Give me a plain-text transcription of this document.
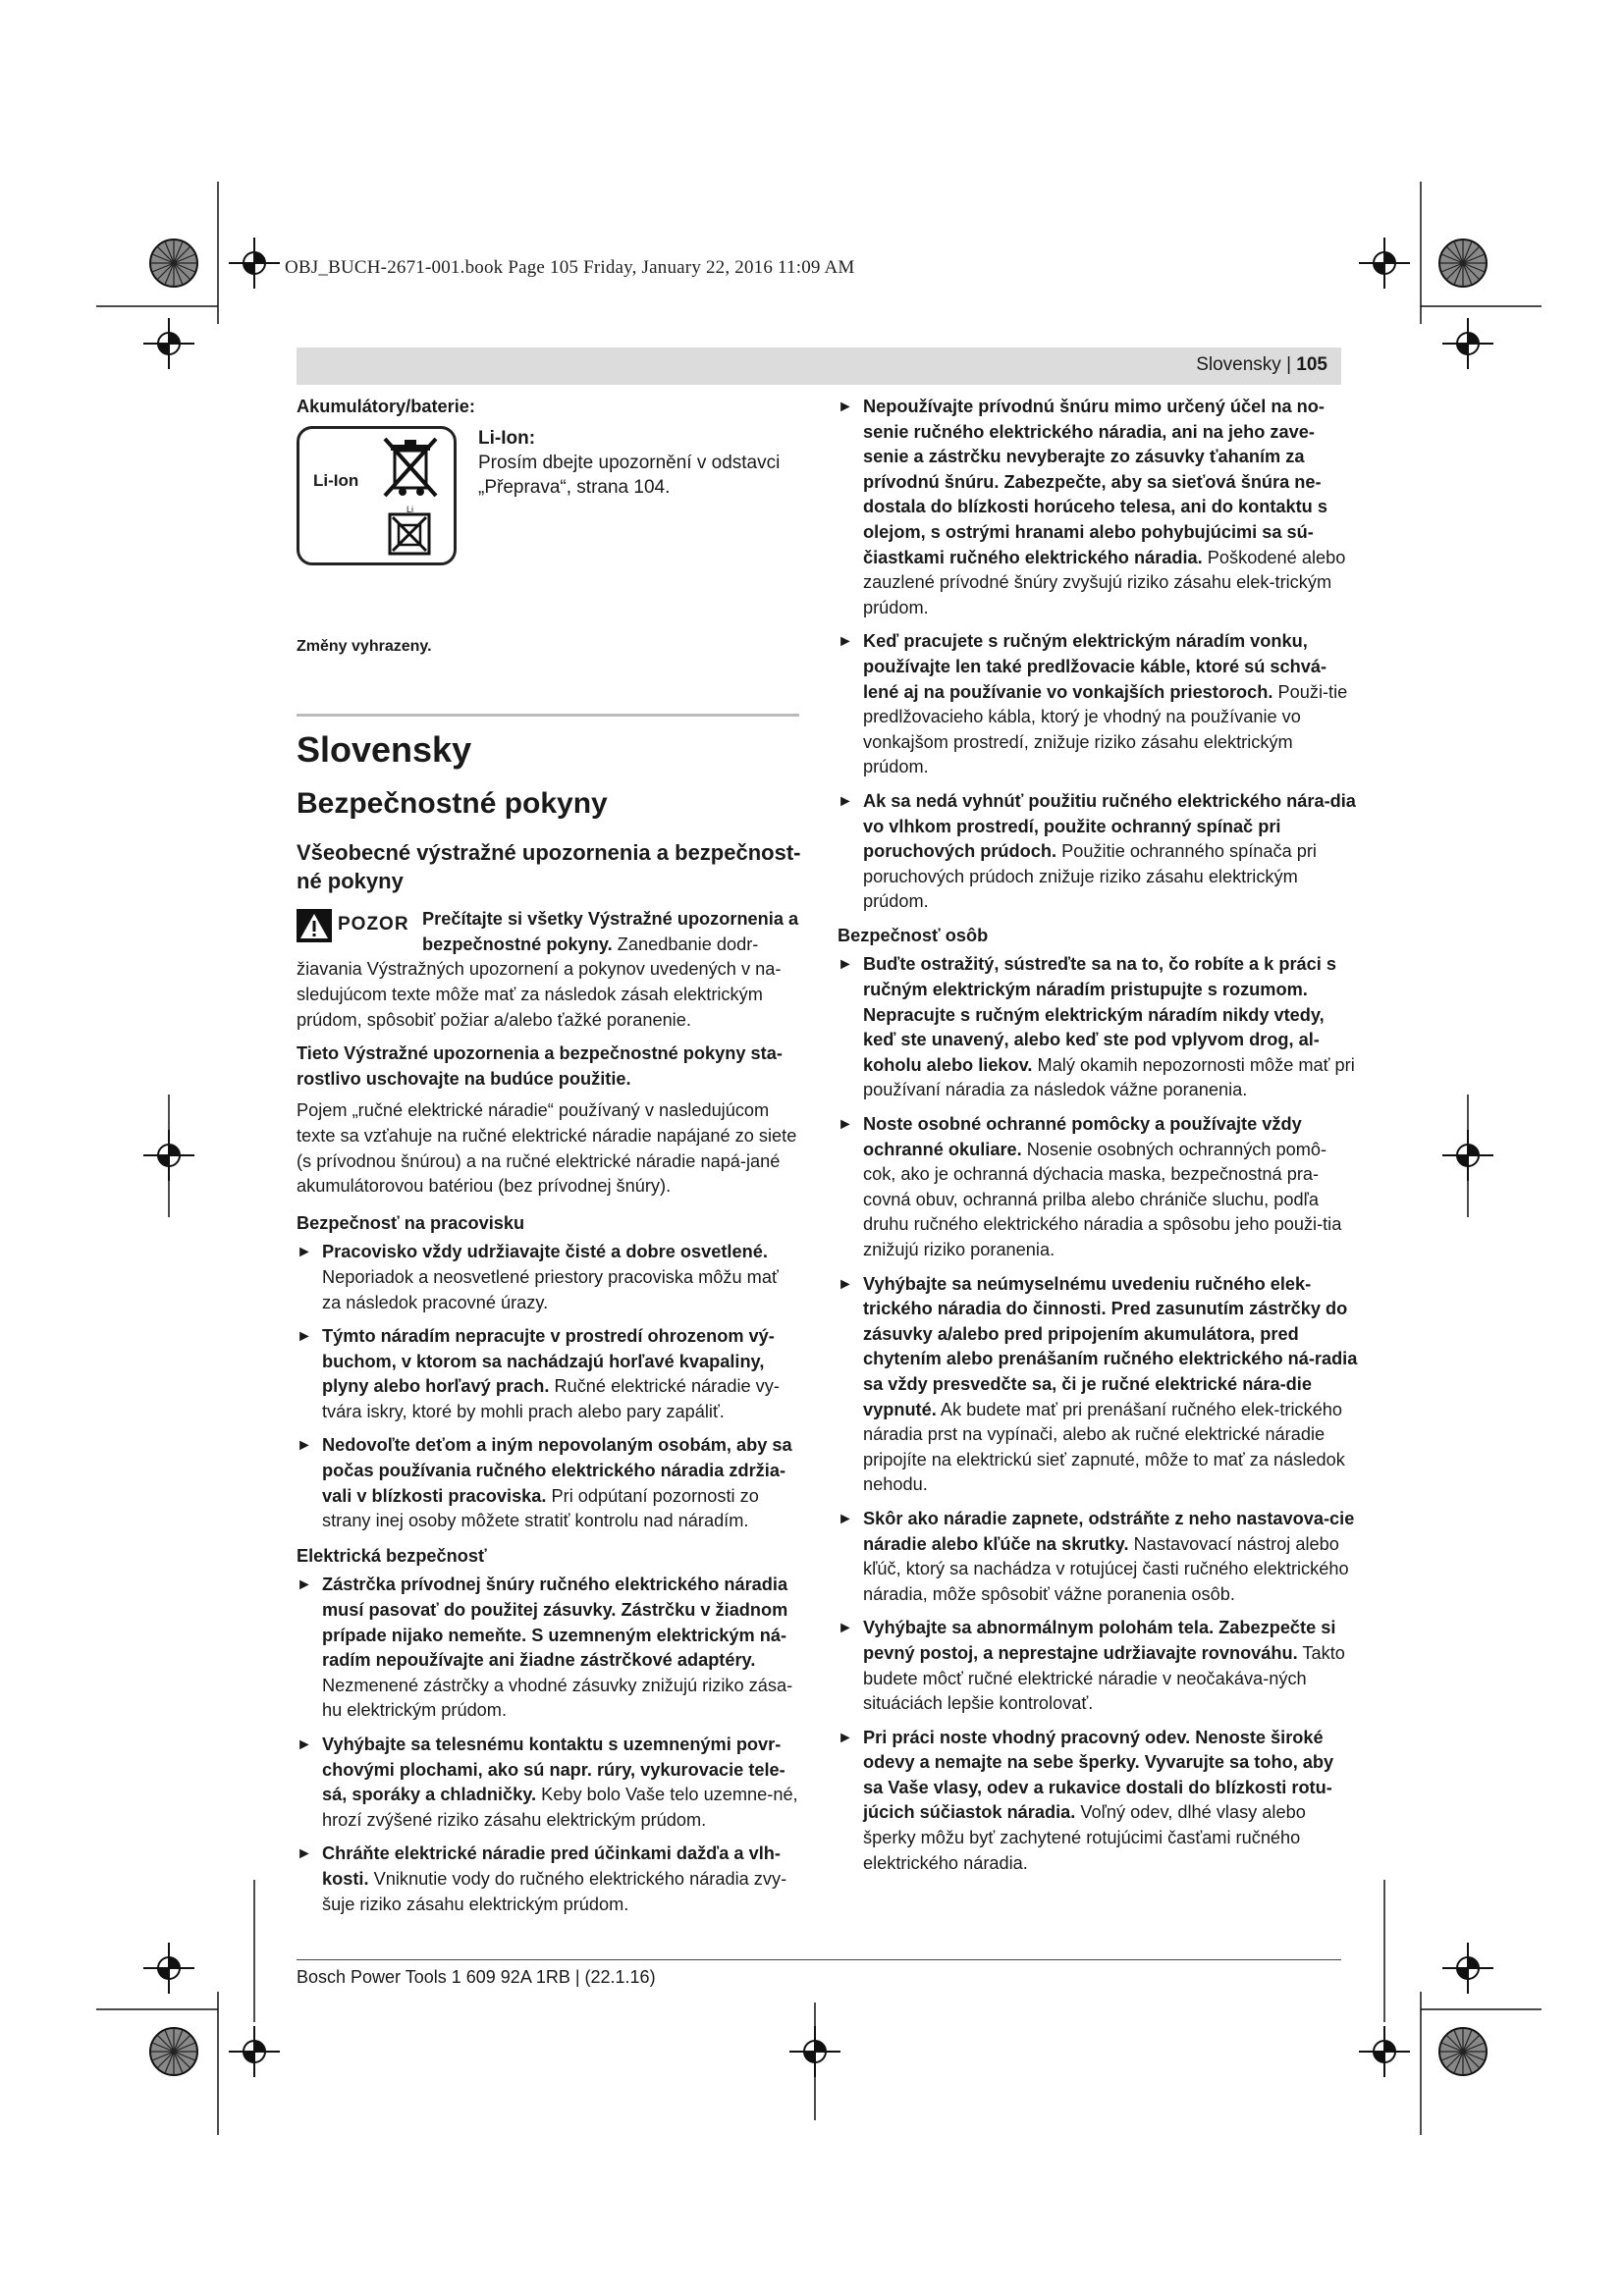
OBJ_BUCH-2671-001.book Page 105 Friday, January 22, 2016 11:09 AM
Slovensky | 105

Akumulátory/baterie:

Li-Ion
Li

Li-Ion:

Prosím dbejte upozornění v odstavci „Přeprava“, strana 104.

Změny vyhrazeny.

Slovensky

Bezpečnostné pokyny

Všeobecné výstražné upozornenia a bezpečnost-né pokyny

POZOR Prečítajte si všetky Výstražné upozornenia a bezpečnostné pokyny. Zanedbanie dodr-žiavania Výstražných upozornení a pokynov uvedených v na-sledujúcom texte môže mať za následok zásah elektrickým prúdom, spôsobiť požiar a/alebo ťažké poranenie.

Tieto Výstražné upozornenia a bezpečnostné pokyny sta-rostlivo uschovajte na budúce použitie.

Pojem „ručné elektrické náradie“ používaný v nasledujúcom texte sa vzťahuje na ručné elektrické náradie napájané zo siete (s prívodnou šnúrou) a na ručné elektrické náradie napá-jané akumulátorovou batériou (bez prívodnej šnúry).

Bezpečnosť na pracovisku

► Pracovisko vždy udržiavajte čisté a dobre osvetlené. Neporiadok a neosvetlené priestory pracoviska môžu mať za následok pracovné úrazy.
► Týmto náradím nepracujte v prostredí ohrozenom vý-buchom, v ktorom sa nachádzajú horľavé kvapaliny, plyny alebo horľavý prach. Ručné elektrické náradie vy-tvára iskry, ktoré by mohli prach alebo pary zapáliť.
► Nedovoľte deťom a iným nepovolaným osobám, aby sa počas používania ručného elektrického náradia zdržia-vali v blízkosti pracoviska. Pri odpútaní pozornosti zo strany inej osoby môžete stratiť kontrolu nad náradím.

Elektrická bezpečnosť

► Zástrčka prívodnej šnúry ručného elektrického náradia musí pasovať do použitej zásuvky. Zástrčku v žiadnom prípade nijako nemeňte. S uzemneným elektrickým ná-radím nepoužívajte ani žiadne zástrčkové adaptéry. Nezmenené zástrčky a vhodné zásuvky znižujú riziko zása-hu elektrickým prúdom.
► Vyhýbajte sa telesnému kontaktu s uzemnenými povr-chovými plochami, ako sú napr. rúry, vykurovacie tele-sá, sporáky a chladničky. Keby bolo Vaše telo uzemne-né, hrozí zvýšené riziko zásahu elektrickým prúdom.
► Chráňte elektrické náradie pred účinkami dažďa a vlh-kosti. Vniknutie vody do ručného elektrického náradia zvy-šuje riziko zásahu elektrickým prúdom.
► Nepoužívajte prívodnú šnúru mimo určený účel na no-senie ručného elektrického náradia, ani na jeho zave-senie a zástrčku nevyberajte zo zásuvky ťahaním za prívodnú šnúru. Zabezpečte, aby sa sieťová šnúra ne-dostala do blízkosti horúceho telesa, ani do kontaktu s olejom, s ostrými hranami alebo pohybujúcimi sa sú-čiastkami ručného elektrického náradia. Poškodené alebo zauzlené prívodné šnúry zvyšujú riziko zásahu elek-trickým prúdom.
► Keď pracujete s ručným elektrickým náradím vonku, používajte len také predlžovacie káble, ktoré sú schvá-lené aj na používanie vo vonkajších priestoroch. Použi-tie predlžovacieho kábla, ktorý je vhodný na používanie vo vonkajšom prostredí, znižuje riziko zásahu elektrickým prúdom.
► Ak sa nedá vyhnúť použitiu ručného elektrického nára-dia vo vlhkom prostredí, použite ochranný spínač pri poruchových prúdoch. Použitie ochranného spínača pri poruchových prúdoch znižuje riziko zásahu elektrickým prúdom.

Bezpečnosť osôb

► Buďte ostražitý, sústreďte sa na to, čo robíte a k práci s ručným elektrickým náradím pristupujte s rozumom. Nepracujte s ručným elektrickým náradím nikdy vtedy, keď ste unavený, alebo keď ste pod vplyvom drog, al-koholu alebo liekov. Malý okamih nepozornosti môže mať pri používaní náradia za následok vážne poranenia.
► Noste osobné ochranné pomôcky a používajte vždy ochranné okuliare. Nosenie osobných ochranných pomô-cok, ako je ochranná dýchacia maska, bezpečnostná pra-covná obuv, ochranná prilba alebo chrániče sluchu, podľa druhu ručného elektrického náradia a spôsobu jeho použi-tia znižujú riziko poranenia.
► Vyhýbajte sa neúmyselnému uvedeniu ručného elek-trického náradia do činnosti. Pred zasunutím zástrčky do zásuvky a/alebo pred pripojením akumulátora, pred chytením alebo prenášaním ručného elektrického ná-radia sa vždy presvedčte sa, či je ručné elektrické nára-die vypnuté. Ak budete mať pri prenášaní ručného elek-trického náradia prst na vypínači, alebo ak ručné elektrické náradie pripojíte na elektrickú sieť zapnuté, môže to mať za následok nehodu.
► Skôr ako náradie zapnete, odstráňte z neho nastavova-cie náradie alebo kľúče na skrutky. Nastavovací nástroj alebo kľúč, ktorý sa nachádza v rotujúcej časti ručného elektrického náradia, môže spôsobiť vážne poranenia osôb.
► Vyhýbajte sa abnormálnym polohám tela. Zabezpečte si pevný postoj, a neprestajne udržiavajte rovnováhu. Takto budete môcť ručné elektrické náradie v neočakáva-ných situáciách lepšie kontrolovať.
► Pri práci noste vhodný pracovný odev. Nenoste široké odevy a nemajte na sebe šperky. Vyvarujte sa toho, aby sa Vaše vlasy, odev a rukavice dostali do blízkosti rotu-júcich súčiastok náradia. Voľný odev, dlhé vlasy alebo šperky môžu byť zachytené rotujúcimi časťami ručného elektrického náradia.
Bosch Power Tools 1 609 92A 1RB | (22.1.16)
